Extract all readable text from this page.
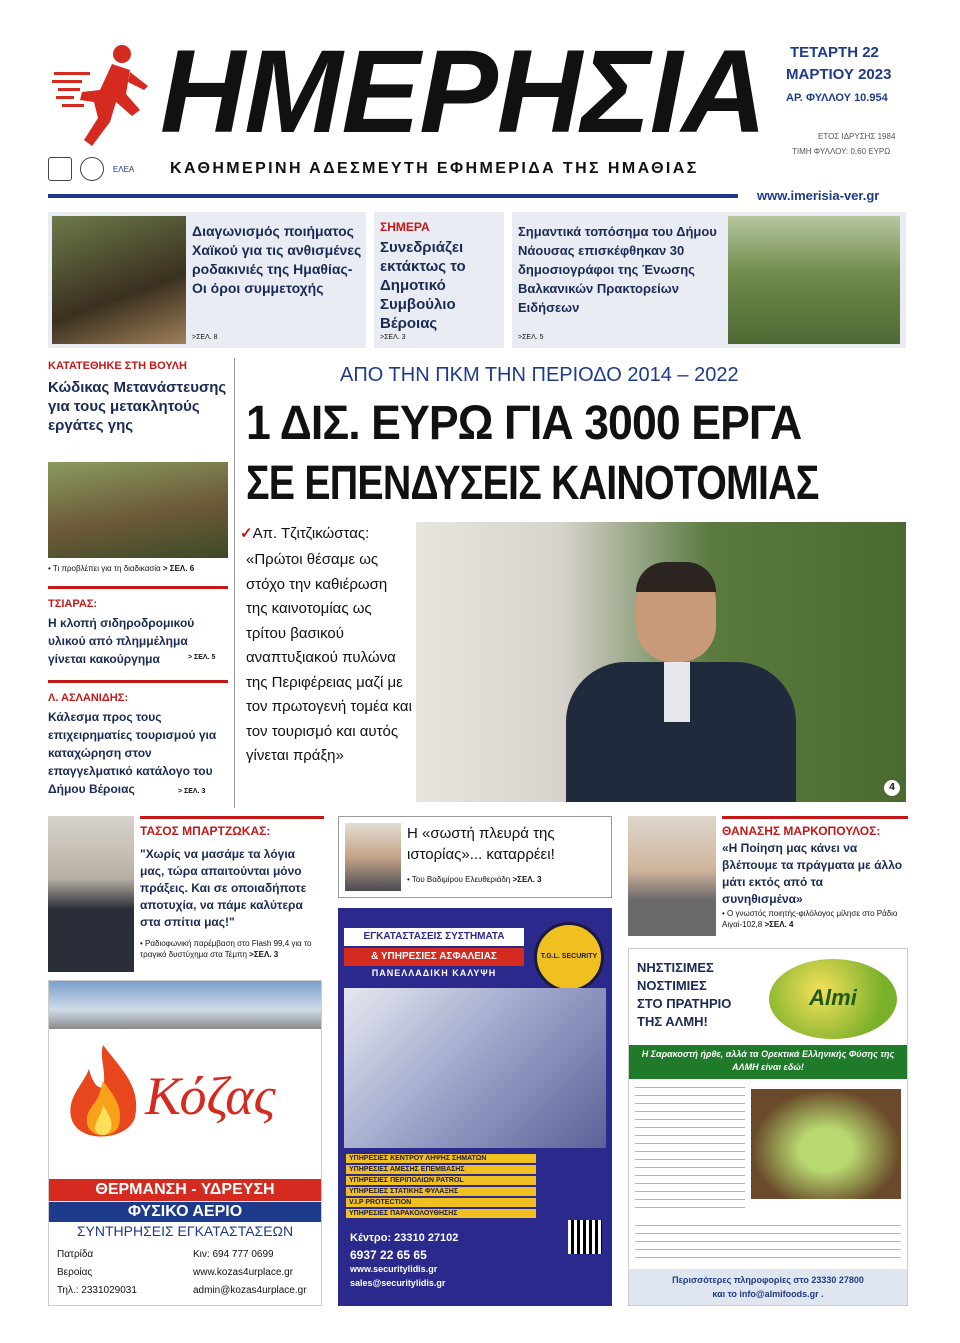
ΗΜΕΡΗΣΙΑ
ΕΛΕΑ	ΚΑΘΗΜΕΡΙΝΗ ΑΔΕΣΜΕΥΤΗ ΕΦΗΜΕΡΙΔΑ ΤΗΣ ΗΜΑΘΙΑΣ
ΤΕΤΑΡΤΗ 22
ΜΑΡΤΙΟΥ 2023
ΑΡ. ΦΥΛΛΟΥ 10.954
ΕΤΟΣ ΙΔΡΥΣΗΣ 1984
ΤΙΜΗ ΦΥΛΛΟΥ: 0,60 ΕΥΡΩ
www.imerisia-ver.gr
Διαγωνισμός ποιήματος Χαϊκού για τις ανθισμένες ροδακινιές της Ημαθίας- Οι όροι συμμετοχής
>ΣΕΛ. 8
ΣΗΜΕΡΑ
Συνεδριάζει εκτάκτως το Δημοτικό Συμβούλιο Βέροιας
>ΣΕΛ. 3
Σημαντικά τοπόσημα του Δήμου Νάουσας επισκέφθηκαν 30 δημοσιογράφοι της Ένωσης Βαλκανικών Πρακτορείων Ειδήσεων
>ΣΕΛ. 5
ΚΑΤΑΤΕΘΗΚΕ ΣΤΗ ΒΟΥΛΗ
Κώδικας Μετανάστευσης για τους μετακλητούς εργάτες γης
• Τι προβλέπει για τη διαδικασία > ΣΕΛ. 6
ΤΣΙΑΡΑΣ:
Η κλοπή σιδηροδρομικού υλικού από πλημμέλημα γίνεται κακούργημα	> ΣΕΛ. 5
Λ. ΑΣΛΑΝΙΔΗΣ:
Κάλεσμα προς τους επιχειρηματίες τουρισμού για καταχώρηση στον επαγγελματικό κατάλογο του Δήμου Βέροιας	> ΣΕΛ. 3
ΑΠΟ ΤΗΝ ΠΚΜ ΤΗΝ ΠΕΡΙΟΔΟ 2014 – 2022
1 ΔΙΣ. ΕΥΡΩ ΓΙΑ 3000 ΕΡΓΑ
ΣΕ ΕΠΕΝΔΥΣΕΙΣ ΚΑΙΝΟΤΟΜΙΑΣ
✓Απ. Τζιτζικώστας:
«Πρώτοι θέσαμε ως στόχο την καθιέρωση της καινοτομίας ως τρίτου βασικού αναπτυξιακού πυλώνα της Περιφέρειας μαζί με τον πρωτογενή τομέα και τον τουρισμό και αυτός γίνεται πράξη»
4
ΤΑΣΟΣ ΜΠΑΡΤΖΩΚΑΣ:
"Χωρίς να μασάμε τα λόγια μας, τώρα απαιτούνται μόνο πράξεις. Και σε οποιαδήποτε αποτυχία, να πάμε καλύτερα στα σπίτια μας!"
• Ραδιοφωνική παρέμβαση στο Flash 99,4 για το τραγικό δυστύχημα στα Τέμπη >ΣΕΛ. 3
Η «σωστή πλευρά της ιστορίας»... καταρρέει!
• Του Βαδιμίρου Ελευθεριάδη >ΣΕΛ. 3
ΘΑΝΑΣΗΣ ΜΑΡΚΟΠΟΥΛΟΣ:
«Η Ποίηση μας κάνει να βλέπουμε τα πράγματα με άλλο μάτι εκτός από τα συνηθισμένα»
• Ο γνωστός ποιητής-φιλόλογος μίλησε στο Ράδιο Αιγαί-102,8 >ΣΕΛ. 4
Κόζας
ΘΕΡΜΑΝΣΗ - ΥΔΡΕΥΣΗ
ΦΥΣΙΚΟ ΑΕΡΙΟ
ΣΥΝΤΗΡΗΣΕΙΣ ΕΓΚΑΤΑΣΤΑΣΕΩΝ
Πατρίδα
Βεροίας
Τηλ.: 2331029031
Κιν: 694 777 0699
www.kozas4urplace.gr
admin@kozas4urplace.gr
ΕΓΚΑΤΑΣΤΑΣΕΙΣ ΣΥΣΤΗΜΑΤΑ
& ΥΠΗΡΕΣΙΕΣ ΑΣΦΑΛΕΙΑΣ
ΠΑΝΕΛΛΑΔΙΚΗ ΚΑΛΥΨΗ
T.G.L. SECURITY
ΥΠΗΡΕΣΙΕΣ ΚΕΝΤΡΟΥ ΛΗΨΗΣ ΣΗΜΑΤΩΝ
ΥΠΗΡΕΣΙΕΣ ΑΜΕΣΗΣ ΕΠΕΜΒΑΣΗΣ
ΥΠΗΡΕΣΙΕΣ ΠΕΡΙΠΟΛΙΩΝ PATROL
ΥΠΗΡΕΣΙΕΣ ΣΤΑΤΙΚΗΣ ΦΥΛΑΞΗΣ
V.I.P PROTECTION
ΥΠΗΡΕΣΙΕΣ ΠΑΡΑΚΟΛΟΥΘΗΣΗΣ
Κέντρο: 23310 27102
6937 22 65 65
www.securitylidis.gr
sales@securitylidis.gr
ΝΗΣΤΙΣΙΜΕΣ
ΝΟΣΤΙΜΙΕΣ
ΣΤΟ ΠΡΑΤΗΡΙΟ
ΤΗΣ ΑΛΜΗ!
Almi
Η Σαρακοστή ήρθε, αλλά τα Ορεκτικά Ελληνικής Φύσης της ΑΛΜΗ είναι εδώ!
Περισσότερες πληροφορίες στο 23330 27800
και το info@almifoods.gr .
